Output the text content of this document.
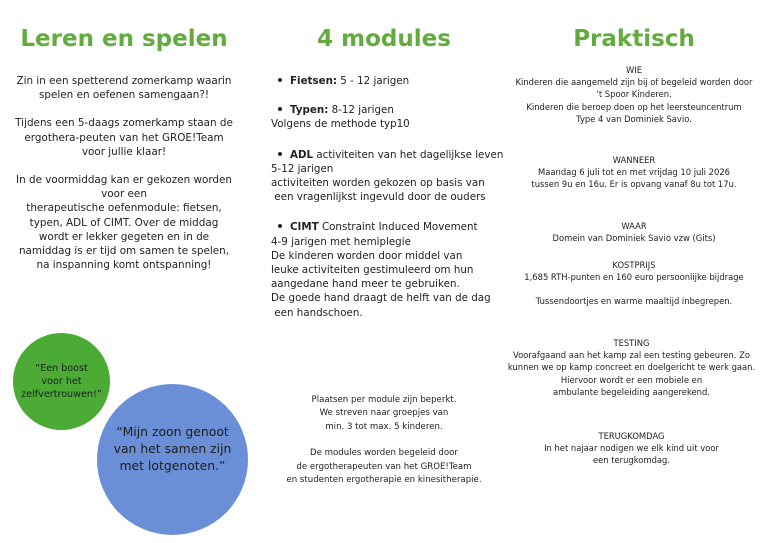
Leren en spelen
Zin in een spetterend zomerkamp waarin
spelen en oefenen samengaan?!
Tijdens een 5-daags zomerkamp staan de
ergothera-peuten van het GROE!Team
voor jullie klaar!
In de voormiddag kan er gekozen worden
voor een
therapeutische oefenmodule: fietsen,
typen, ADL of CIMT. Over de middag
wordt er lekker gegeten en in de
namiddag is er tijd om samen te spelen,
na inspanning komt ontspanning!
“Een boost
voor het
zelfvertrouwen!”
“Mijn zoon genoot
van het samen zijn
met lotgenoten.”
4 modules
Fietsen: 5 - 12 jarigen
Typen: 8-12 jarigen
Volgens de methode typ10
ADL activiteiten van het dagelijkse leven
5-12 jarigen
activiteiten worden gekozen op basis van
een vragenlijkst ingevuld door de ouders
CIMT Constraint Induced Movement
4-9 jarigen met hemiplegie
De kinderen worden door middel van
leuke activiteiten gestimuleerd om hun
aangedane hand meer te gebruiken.
De goede hand draagt de helft van de dag
een handschoen.
Plaatsen per module zijn beperkt.
We streven naar groepjes van
min. 3 tot max. 5 kinderen.
De modules worden begeleid door
de ergotherapeuten van het GROE!Team
en studenten ergotherapie en kinesitherapie.
Praktisch
WIE
Kinderen die aangemeld zijn bij of begeleid worden door
‘t Spoor Kinderen.
Kinderen die beroep doen op het leersteuncentrum
Type 4 van Dominiek Savio.
WANNEER
Maandag 6 juli tot en met vrijdag 10 juli 2026
tussen 9u en 16u. Er is opvang vanaf 8u tot 17u.
WAAR
Domein van Dominiek Savio vzw (Gits)
KOSTPRIJS
1,685 RTH-punten en 160 euro persoonlijke bijdrage
Tussendoortjes en warme maaltijd inbegrepen.
TESTING
Voorafgaand aan het kamp zal een testing gebeuren. Zo
kunnen we op kamp concreet en doelgericht te werk gaan.
Hiervoor wordt er een mobiele en
ambulante begeleiding aangerekend.
TERUGKOMDAG
In het najaar nodigen we elk kind uit voor
een terugkomdag.
